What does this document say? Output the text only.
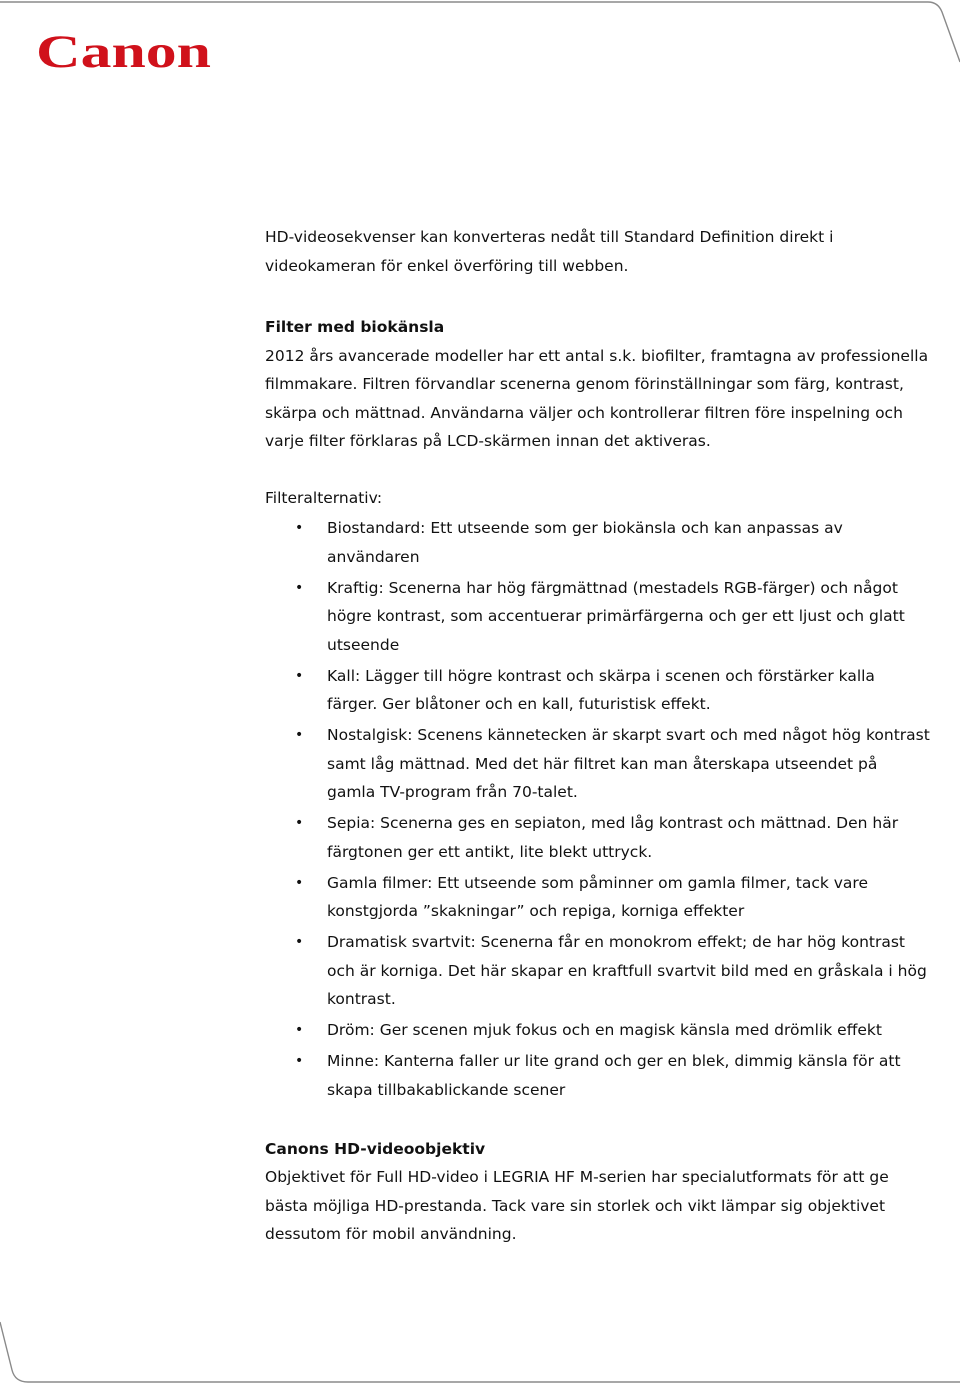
Canon

HD-videosekvenser kan konverteras nedåt till Standard Definition direkt i videokameran för enkel överföring till webben.

Filter med biokänsla

2012 års avancerade modeller har ett antal s.k. biofilter, framtagna av professionella filmmakare. Filtren förvandlar scenerna genom förinställningar som färg, kontrast, skärpa och mättnad. Användarna väljer och kontrollerar filtren före inspelning och varje filter förklaras på LCD-skärmen innan det aktiveras.

Filteralternativ:

• Biostandard: Ett utseende som ger biokänsla och kan anpassas av användaren
• Kraftig: Scenerna har hög färgmättnad (mestadels RGB-färger) och något högre kontrast, som accentuerar primärfärgerna och ger ett ljust och glatt utseende
• Kall: Lägger till högre kontrast och skärpa i scenen och förstärker kalla färger. Ger blåtoner och en kall, futuristisk effekt.
• Nostalgisk: Scenens kännetecken är skarpt svart och med något hög kontrast samt låg mättnad. Med det här filtret kan man återskapa utseendet på gamla TV-program från 70-talet.
• Sepia: Scenerna ges en sepiaton, med låg kontrast och mättnad. Den här färgtonen ger ett antikt, lite blekt uttryck.
• Gamla filmer: Ett utseende som påminner om gamla filmer, tack vare konstgjorda ”skakningar” och repiga, korniga effekter
• Dramatisk svartvit: Scenerna får en monokrom effekt; de har hög kontrast och är korniga. Det här skapar en kraftfull svartvit bild med en gråskala i hög kontrast.
• Dröm: Ger scenen mjuk fokus och en magisk känsla med drömlik effekt
• Minne: Kanterna faller ur lite grand och ger en blek, dimmig känsla för att skapa tillbakablickande scener

Canons HD-videoobjektiv

Objektivet för Full HD-video i LEGRIA HF M-serien har specialutformats för att ge bästa möjliga HD-prestanda. Tack vare sin storlek och vikt lämpar sig objektivet dessutom för mobil användning.
